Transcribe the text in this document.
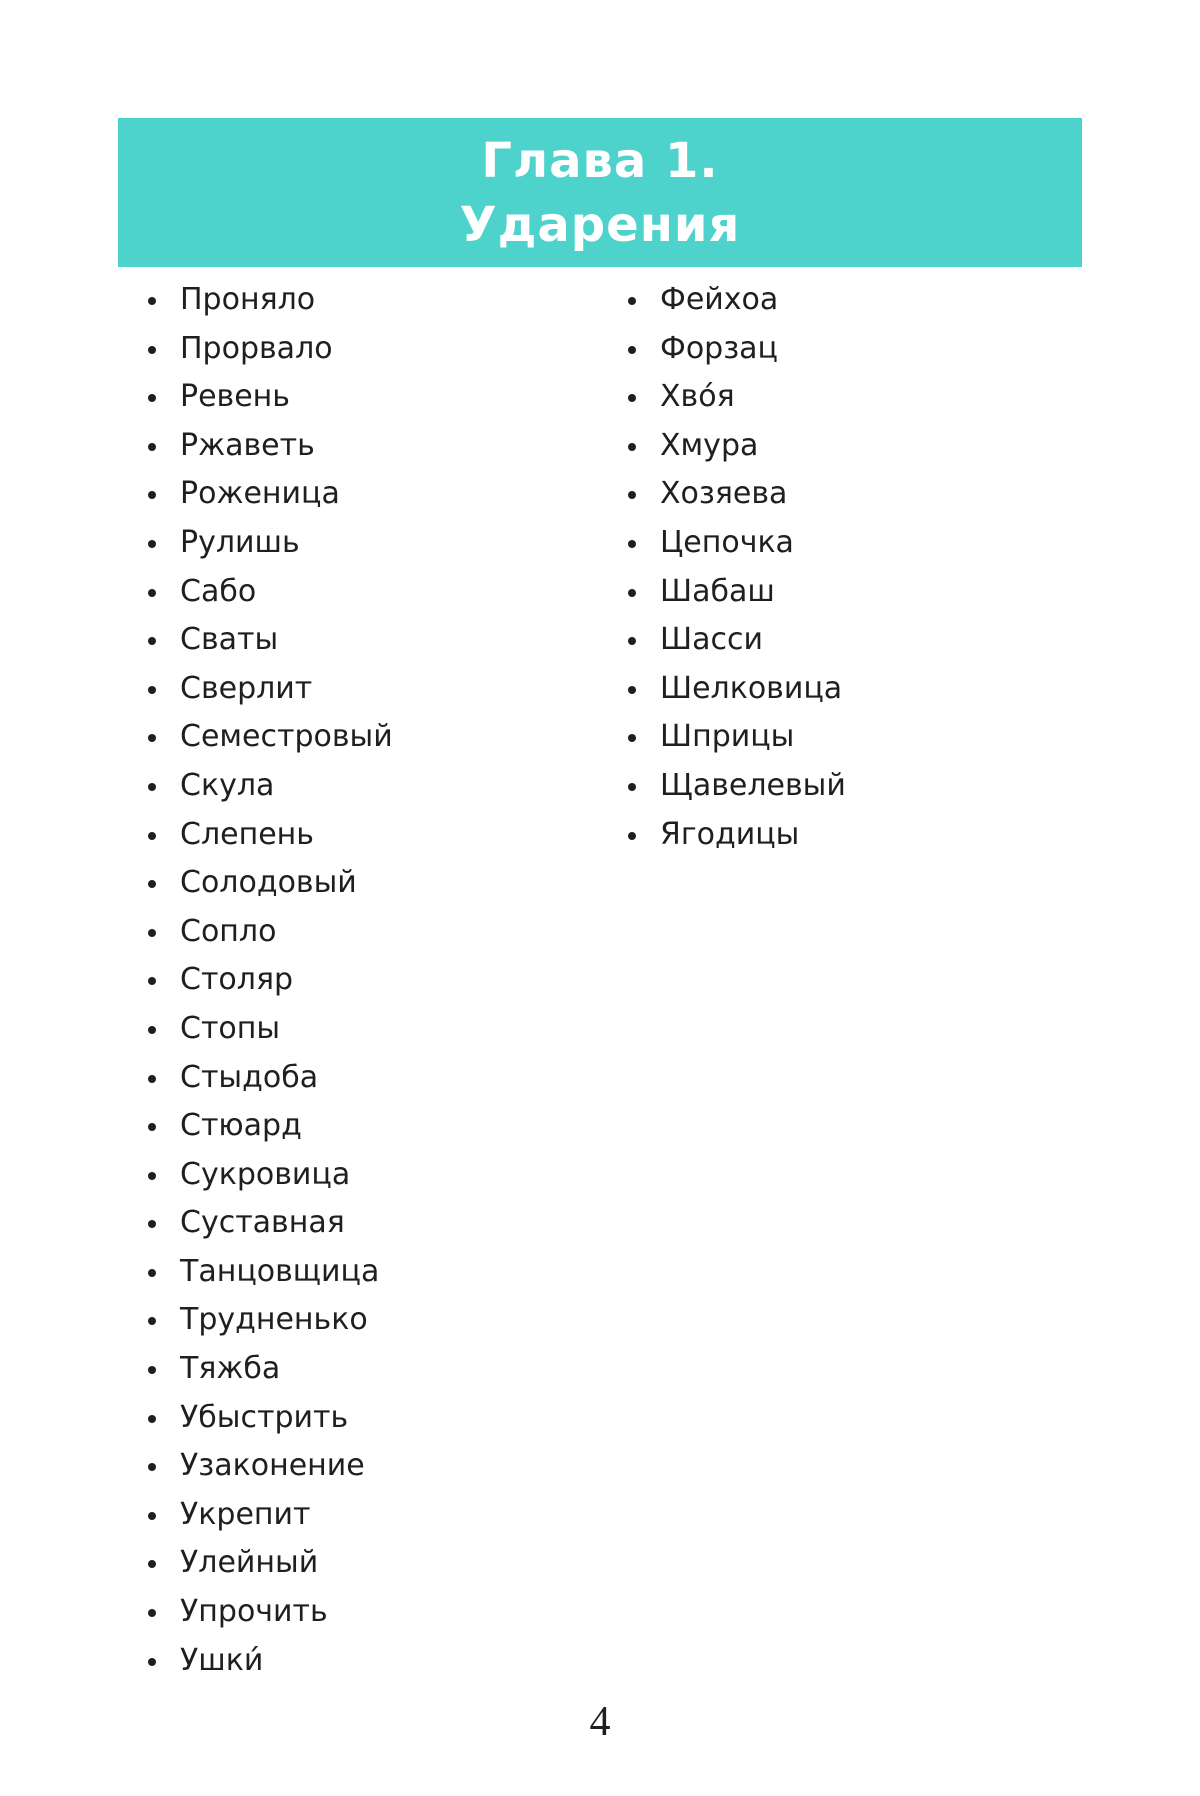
Глава 1.
Ударения
Проняло
Прорвало
Ревень
Ржаветь
Роженица
Рулишь
Сабо
Сваты
Сверлит
Семестровый
Скула
Слепень
Солодовый
Сопло
Столяр
Стопы
Стыдоба
Стюард
Сукровица
Суставная
Танцовщица
Трудненько
Тяжба
Убыстрить
Узаконение
Укрепит
Улейный
Упрочить
Ушки́
Фейхоа
Форзац
Хво́я
Хмура
Хозяева
Цепочка
Шабаш
Шасси
Шелковица
Шприцы
Щавелевый
Ягодицы
4
